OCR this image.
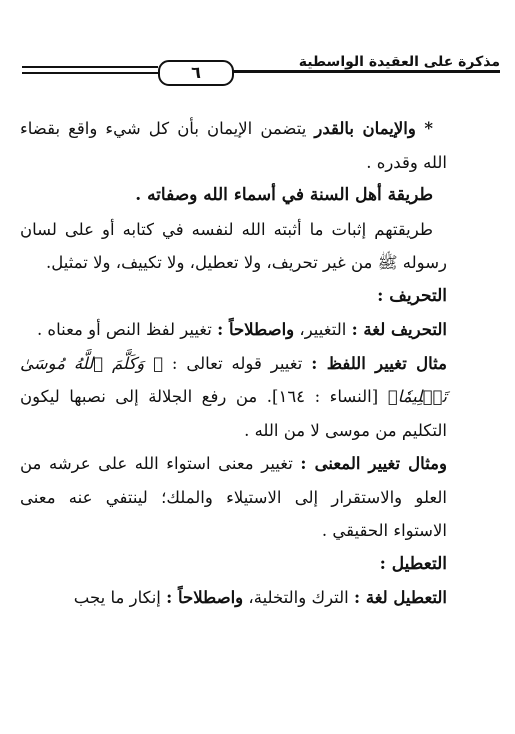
٦
مذكرة على العقيدة الواسطية

* والإيمان بالقدر يتضمن الإيمان بأن كل شيء واقع بقضاء الله وقدره .

طريقة أهل السنة في أسماء الله وصفاته .

طريقتهم إثبات ما أثبته الله لنفسه في كتابه أو على لسان رسوله ﷺ من غير تحريف، ولا تعطيل، ولا تكييف، ولا تمثيل.

التحريف :

التحريف لغة : التغيير، واصطلاحاً : تغيير لفظ النص أو معناه .

مثال تغيير اللفظ : تغيير قوله تعالى : ﴿ وَكَلَّمَ ٱللَّهُ مُوسَىٰ تَكۡلِيمٗا﴾ [النساء : ١٦٤]. من رفع الجلالة إلى نصبها ليكون التكليم من موسى لا من الله .

ومثال تغيير المعنى : تغيير معنى استواء الله على عرشه من العلو والاستقرار إلى الاستيلاء والملك؛ لينتفي عنه معنى الاستواء الحقيقي .

التعطيل :

التعطيل لغة : الترك والتخلية، واصطلاحاً : إنكار ما يجب
